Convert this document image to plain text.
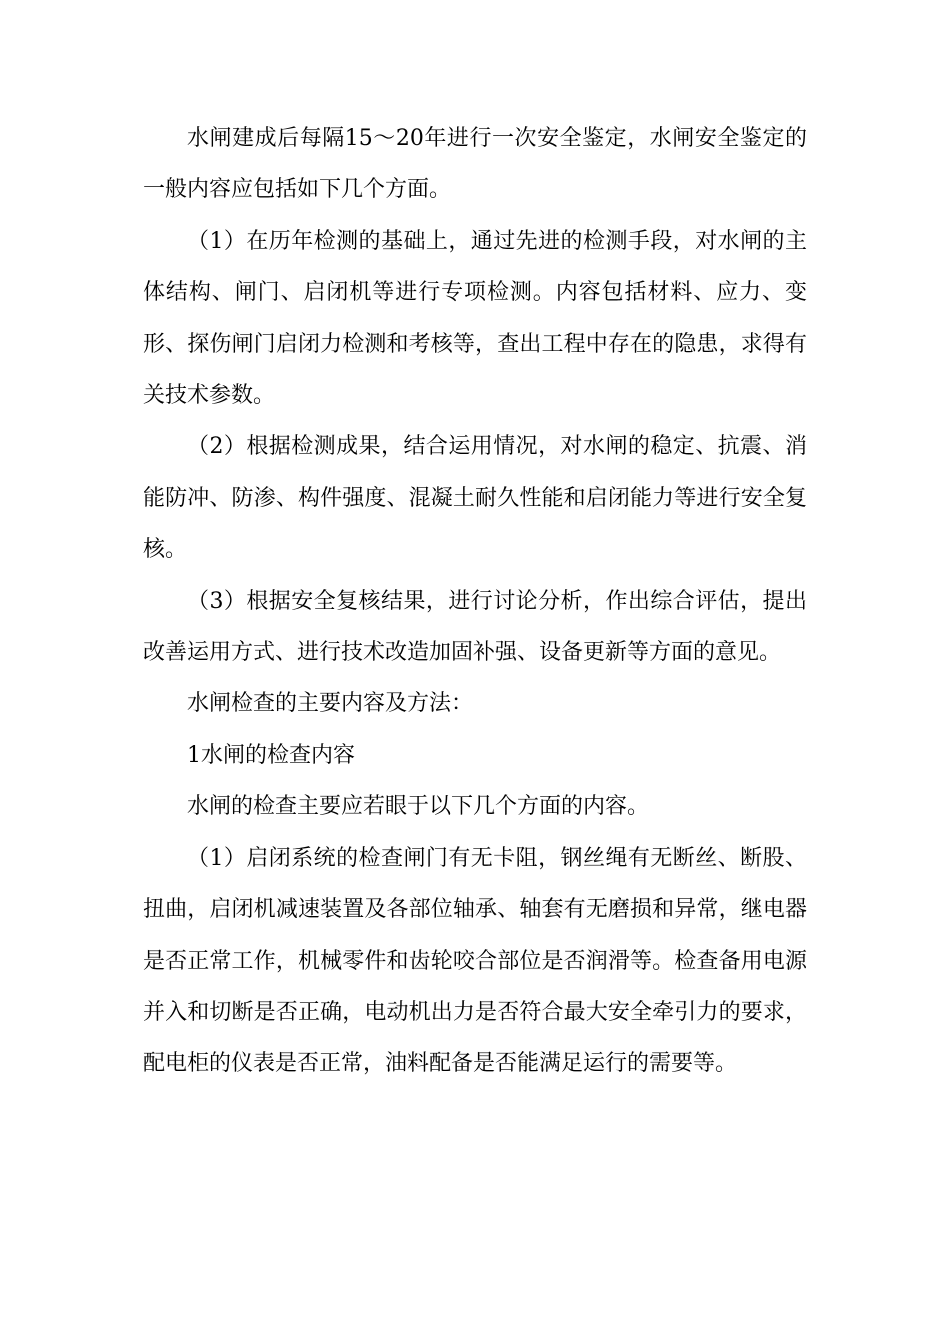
水闸建成后每隔15～20年进行一次安全鉴定，水闸安全鉴定的一般内容应包括如下几个方面。

（1）在历年检测的基础上，通过先进的检测手段，对水闸的主体结构、闸门、启闭机等进行专项检测。内容包括材料、应力、变形、探伤闸门启闭力检测和考核等，查出工程中存在的隐患，求得有关技术参数。

（2）根据检测成果，结合运用情况，对水闸的稳定、抗震、消能防冲、防渗、构件强度、混凝土耐久性能和启闭能力等进行安全复核。

（3）根据安全复核结果，进行讨论分析，作出综合评估，提出改善运用方式、进行技术改造加固补强、设备更新等方面的意见。

水闸检查的主要内容及方法：

1水闸的检查内容

水闸的检查主要应若眼于以下几个方面的内容。

（1）启闭系统的检查闸门有无卡阻，钢丝绳有无断丝、断股、扭曲，启闭机减速装置及各部位轴承、轴套有无磨损和异常，继电器是否正常工作，机械零件和齿轮咬合部位是否润滑等。检查备用电源并入和切断是否正确，电动机出力是否符合最大安全牵引力的要求，配电柜的仪表是否正常，油料配备是否能满足运行的需要等。
